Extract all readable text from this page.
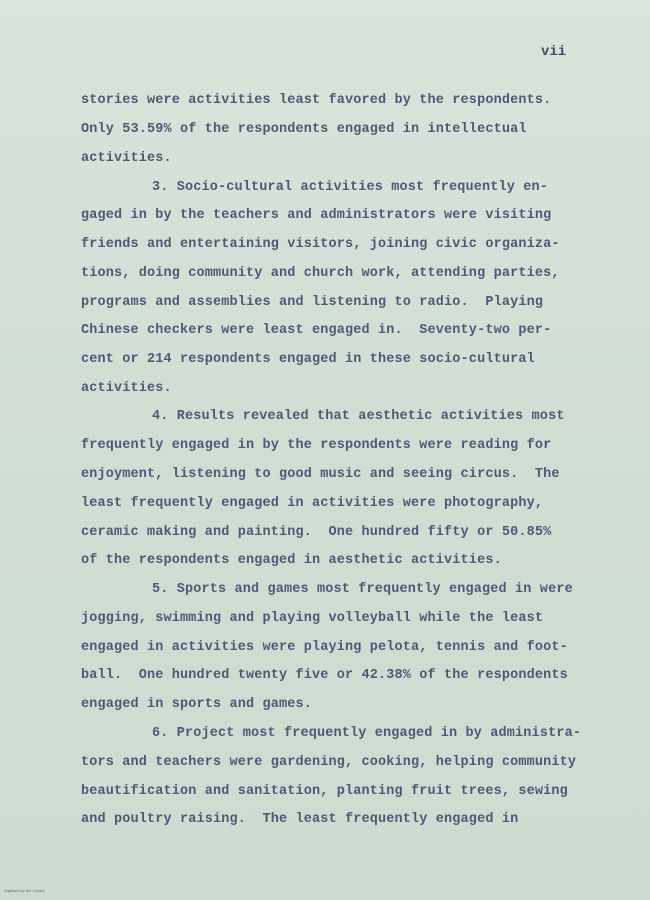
vii
stories were activities least favored by the respondents.
Only 53.59% of the respondents engaged in intellectual
activities.
3. Socio-cultural activities most frequently en-
gaged in by the teachers and administrators were visiting
friends and entertaining visitors, joining civic organiza-
tions, doing community and church work, attending parties,
programs and assemblies and listening to radio.  Playing
Chinese checkers were least engaged in.  Seventy-two per-
cent or 214 respondents engaged in these socio-cultural
activities.
4. Results revealed that aesthetic activities most
frequently engaged in by the respondents were reading for
enjoyment, listening to good music and seeing circus.  The
least frequently engaged in activities were photography,
ceramic making and painting.  One hundred fifty or 50.85%
of the respondents engaged in aesthetic activities.
5. Sports and games most frequently engaged in were
jogging, swimming and playing volleyball while the least
engaged in activities were playing pelota, tennis and foot-
ball.  One hundred twenty five or 42.38% of the respondents
engaged in sports and games.
6. Project most frequently engaged in by administra-
tors and teachers were gardening, cooking, helping community
beautification and sanitation, planting fruit trees, sewing
and poultry raising.  The least frequently engaged in
Digitized by the Library
